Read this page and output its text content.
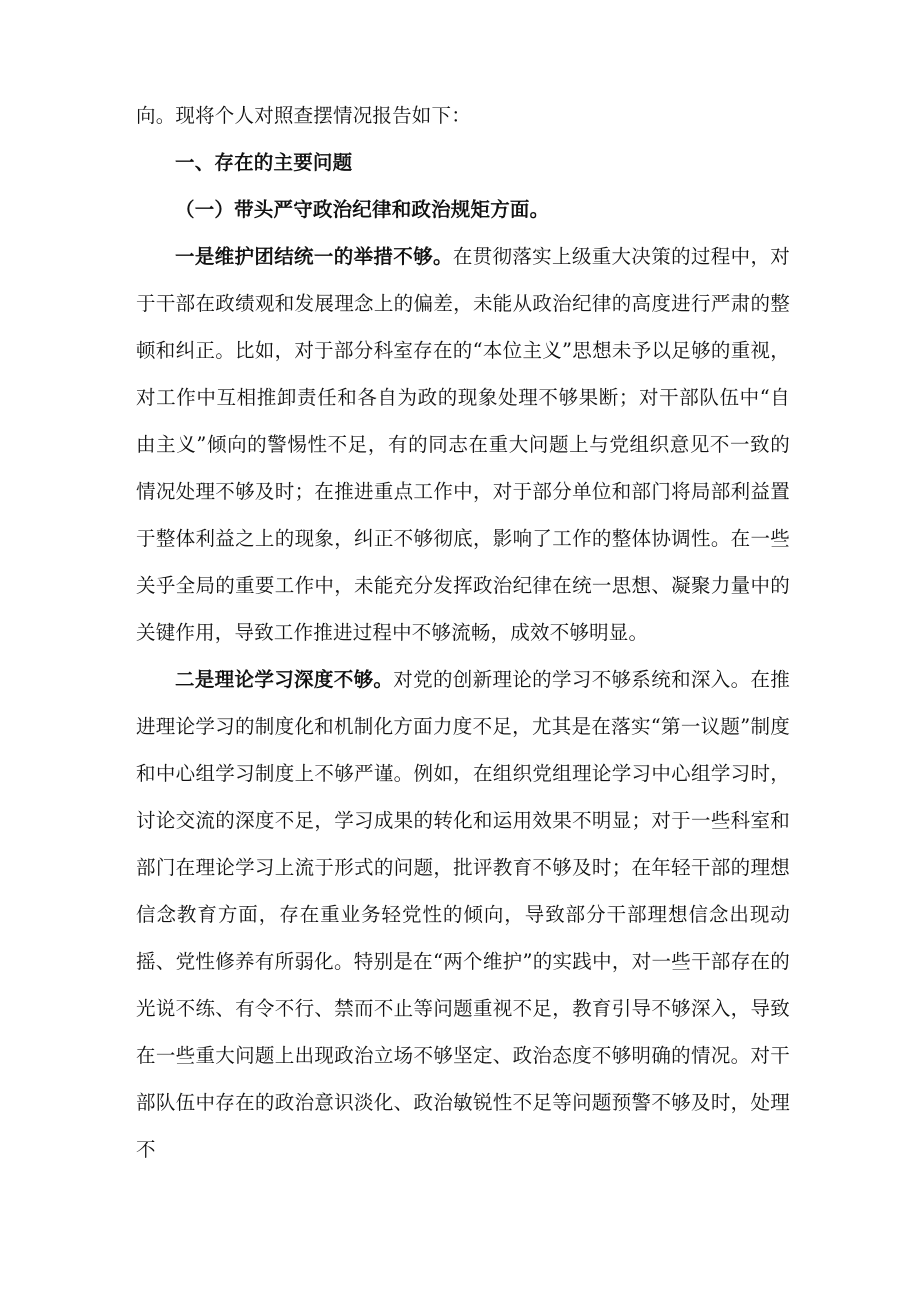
向。现将个人对照查摆情况报告如下：

一、存在的主要问题

（一）带头严守政治纪律和政治规矩方面。

一是维护团结统一的举措不够。在贯彻落实上级重大决策的过程中，对于干部在政绩观和发展理念上的偏差，未能从政治纪律的高度进行严肃的整顿和纠正。比如，对于部分科室存在的“本位主义”思想未予以足够的重视，对工作中互相推卸责任和各自为政的现象处理不够果断；对干部队伍中“自由主义”倾向的警惕性不足，有的同志在重大问题上与党组织意见不一致的情况处理不够及时；在推进重点工作中，对于部分单位和部门将局部利益置于整体利益之上的现象，纠正不够彻底，影响了工作的整体协调性。在一些关乎全局的重要工作中，未能充分发挥政治纪律在统一思想、凝聚力量中的关键作用，导致工作推进过程中不够流畅，成效不够明显。

二是理论学习深度不够。对党的创新理论的学习不够系统和深入。在推进理论学习的制度化和机制化方面力度不足，尤其是在落实“第一议题”制度和中心组学习制度上不够严谨。例如，在组织党组理论学习中心组学习时，讨论交流的深度不足，学习成果的转化和运用效果不明显；对于一些科室和部门在理论学习上流于形式的问题，批评教育不够及时；在年轻干部的理想信念教育方面，存在重业务轻党性的倾向，导致部分干部理想信念出现动摇、党性修养有所弱化。特别是在“两个维护”的实践中，对一些干部存在的光说不练、有令不行、禁而不止等问题重视不足，教育引导不够深入，导致在一些重大问题上出现政治立场不够坚定、政治态度不够明确的情况。对干部队伍中存在的政治意识淡化、政治敏锐性不足等问题预警不够及时，处理不
